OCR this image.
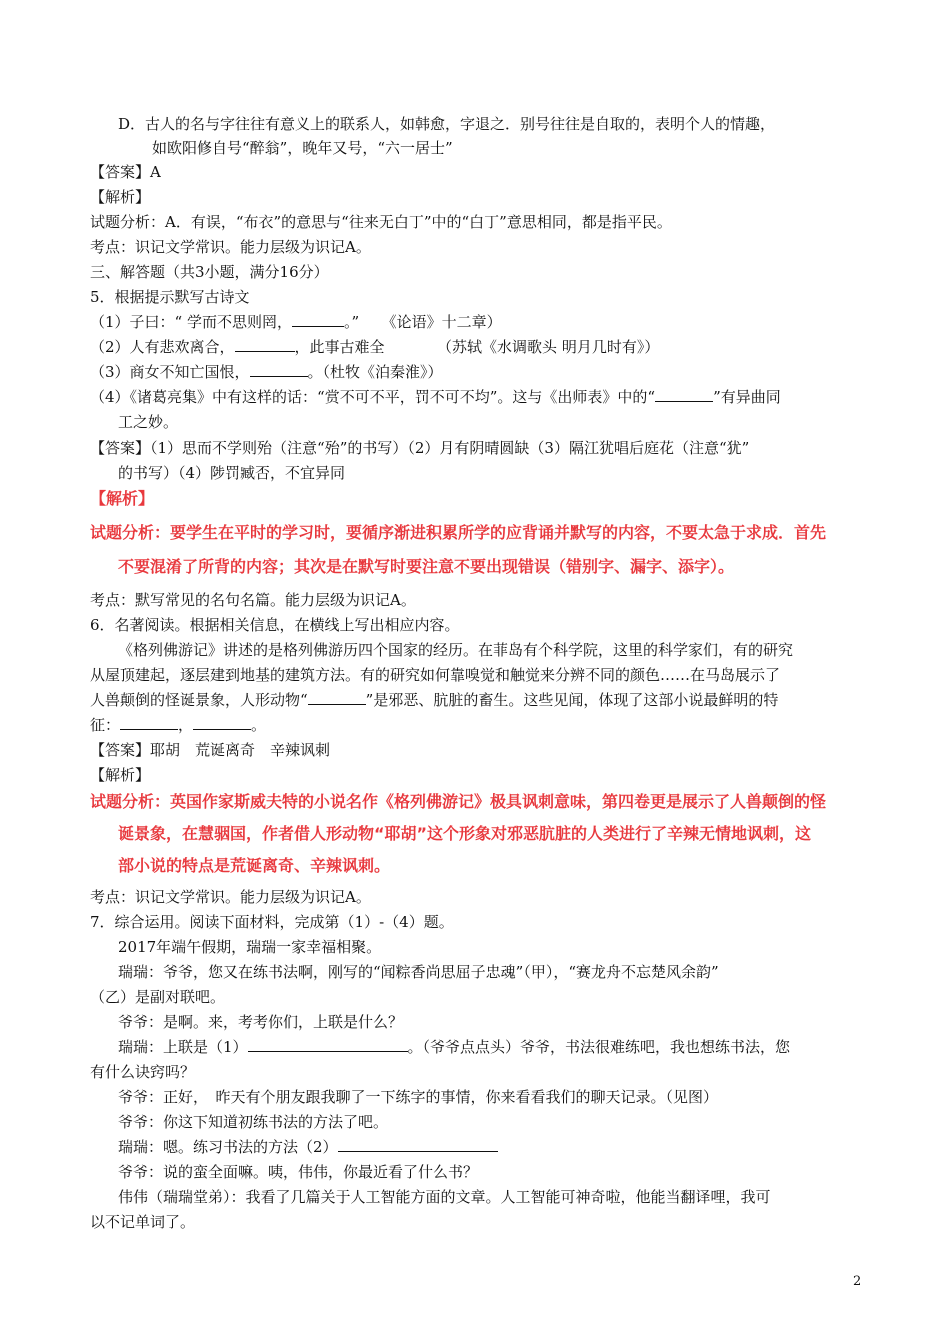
D．古人的名与字往往有意义上的联系人，如韩愈，字退之．别号往往是自取的，表明个人的情趣，
如欧阳修自号“醉翁”，晚年又号，“六一居士”
【答案】A
【解析】
试题分析：A．有误，“布衣”的意思与“往来无白丁”中的“白丁”意思相同，都是指平民。
考点：识记文学常识。能力层级为识记A。
三、解答题（共3小题，满分16分）
5．根据提示默写古诗文
（1）子曰：“ 学而不思则罔，	。”　　《论语》十二章）
（2）人有悲欢离合，	，此事古难全　　　　（苏轼《水调歌头 明月几时有》）
（3）商女不知亡国恨，	。（杜牧《泊秦淮》）
（4）《诸葛亮集》中有这样的话：“赏不可不平，罚不可不均”。这与《出师表》中的“	”有异曲同
工之妙。
【答案】（1）思而不学则殆（注意“殆”的书写）（2）月有阴晴圆缺（3）隔江犹唱后庭花（注意“犹”
的书写）（4）陟罚臧否，不宜异同
【解析】
试题分析：要学生在平时的学习时，要循序渐进积累所学的应背诵并默写的内容，不要太急于求成．首先
不要混淆了所背的内容；其次是在默写时要注意不要出现错误（错别字、漏字、添字）。
考点：默写常见的名句名篇。能力层级为识记A。
6．名著阅读。根据相关信息，在横线上写出相应内容。
《格列佛游记》讲述的是格列佛游历四个国家的经历。在菲岛有个科学院，这里的科学家们，有的研究
从屋顶建起，逐层建到地基的建筑方法。有的研究如何靠嗅觉和触觉来分辨不同的颜色……在马岛展示了
人兽颠倒的怪诞景象，人形动物“	”是邪恶、肮脏的畜生。这些见闻，体现了这部小说最鲜明的特
征：	，	。
【答案】耶胡　荒诞离奇　辛辣讽刺
【解析】
试题分析：英国作家斯威夫特的小说名作《格列佛游记》极具讽刺意味，第四卷更是展示了人兽颠倒的怪
诞景象，在慧骃国，作者借人形动物“耶胡”这个形象对邪恶肮脏的人类进行了辛辣无情地讽刺，这
部小说的特点是荒诞离奇、辛辣讽刺。
考点：识记文学常识。能力层级为识记A。
7．综合运用。阅读下面材料，完成第（1）-（4）题。
2017年端午假期，瑞瑞一家幸福相聚。
瑞瑞：爷爷，您又在练书法啊，刚写的“闻粽香尚思屈子忠魂”（甲），“赛龙舟不忘楚风余韵”
（乙）是副对联吧。
爷爷：是啊。来，考考你们，上联是什么？
瑞瑞：上联是（1）	。（爷爷点点头）爷爷，书法很难练吧，我也想练书法，您
有什么诀窍吗？
爷爷：正好，　昨天有个朋友跟我聊了一下练字的事情，你来看看我们的聊天记录。（见图）
爷爷：你这下知道初练书法的方法了吧。
瑞瑞：嗯。练习书法的方法（2）
爷爷：说的蛮全面嘛。咦，伟伟，你最近看了什么书？
伟伟（瑞瑞堂弟）：我看了几篇关于人工智能方面的文章。人工智能可神奇啦，他能当翻译哩，我可
以不记单词了。
2
